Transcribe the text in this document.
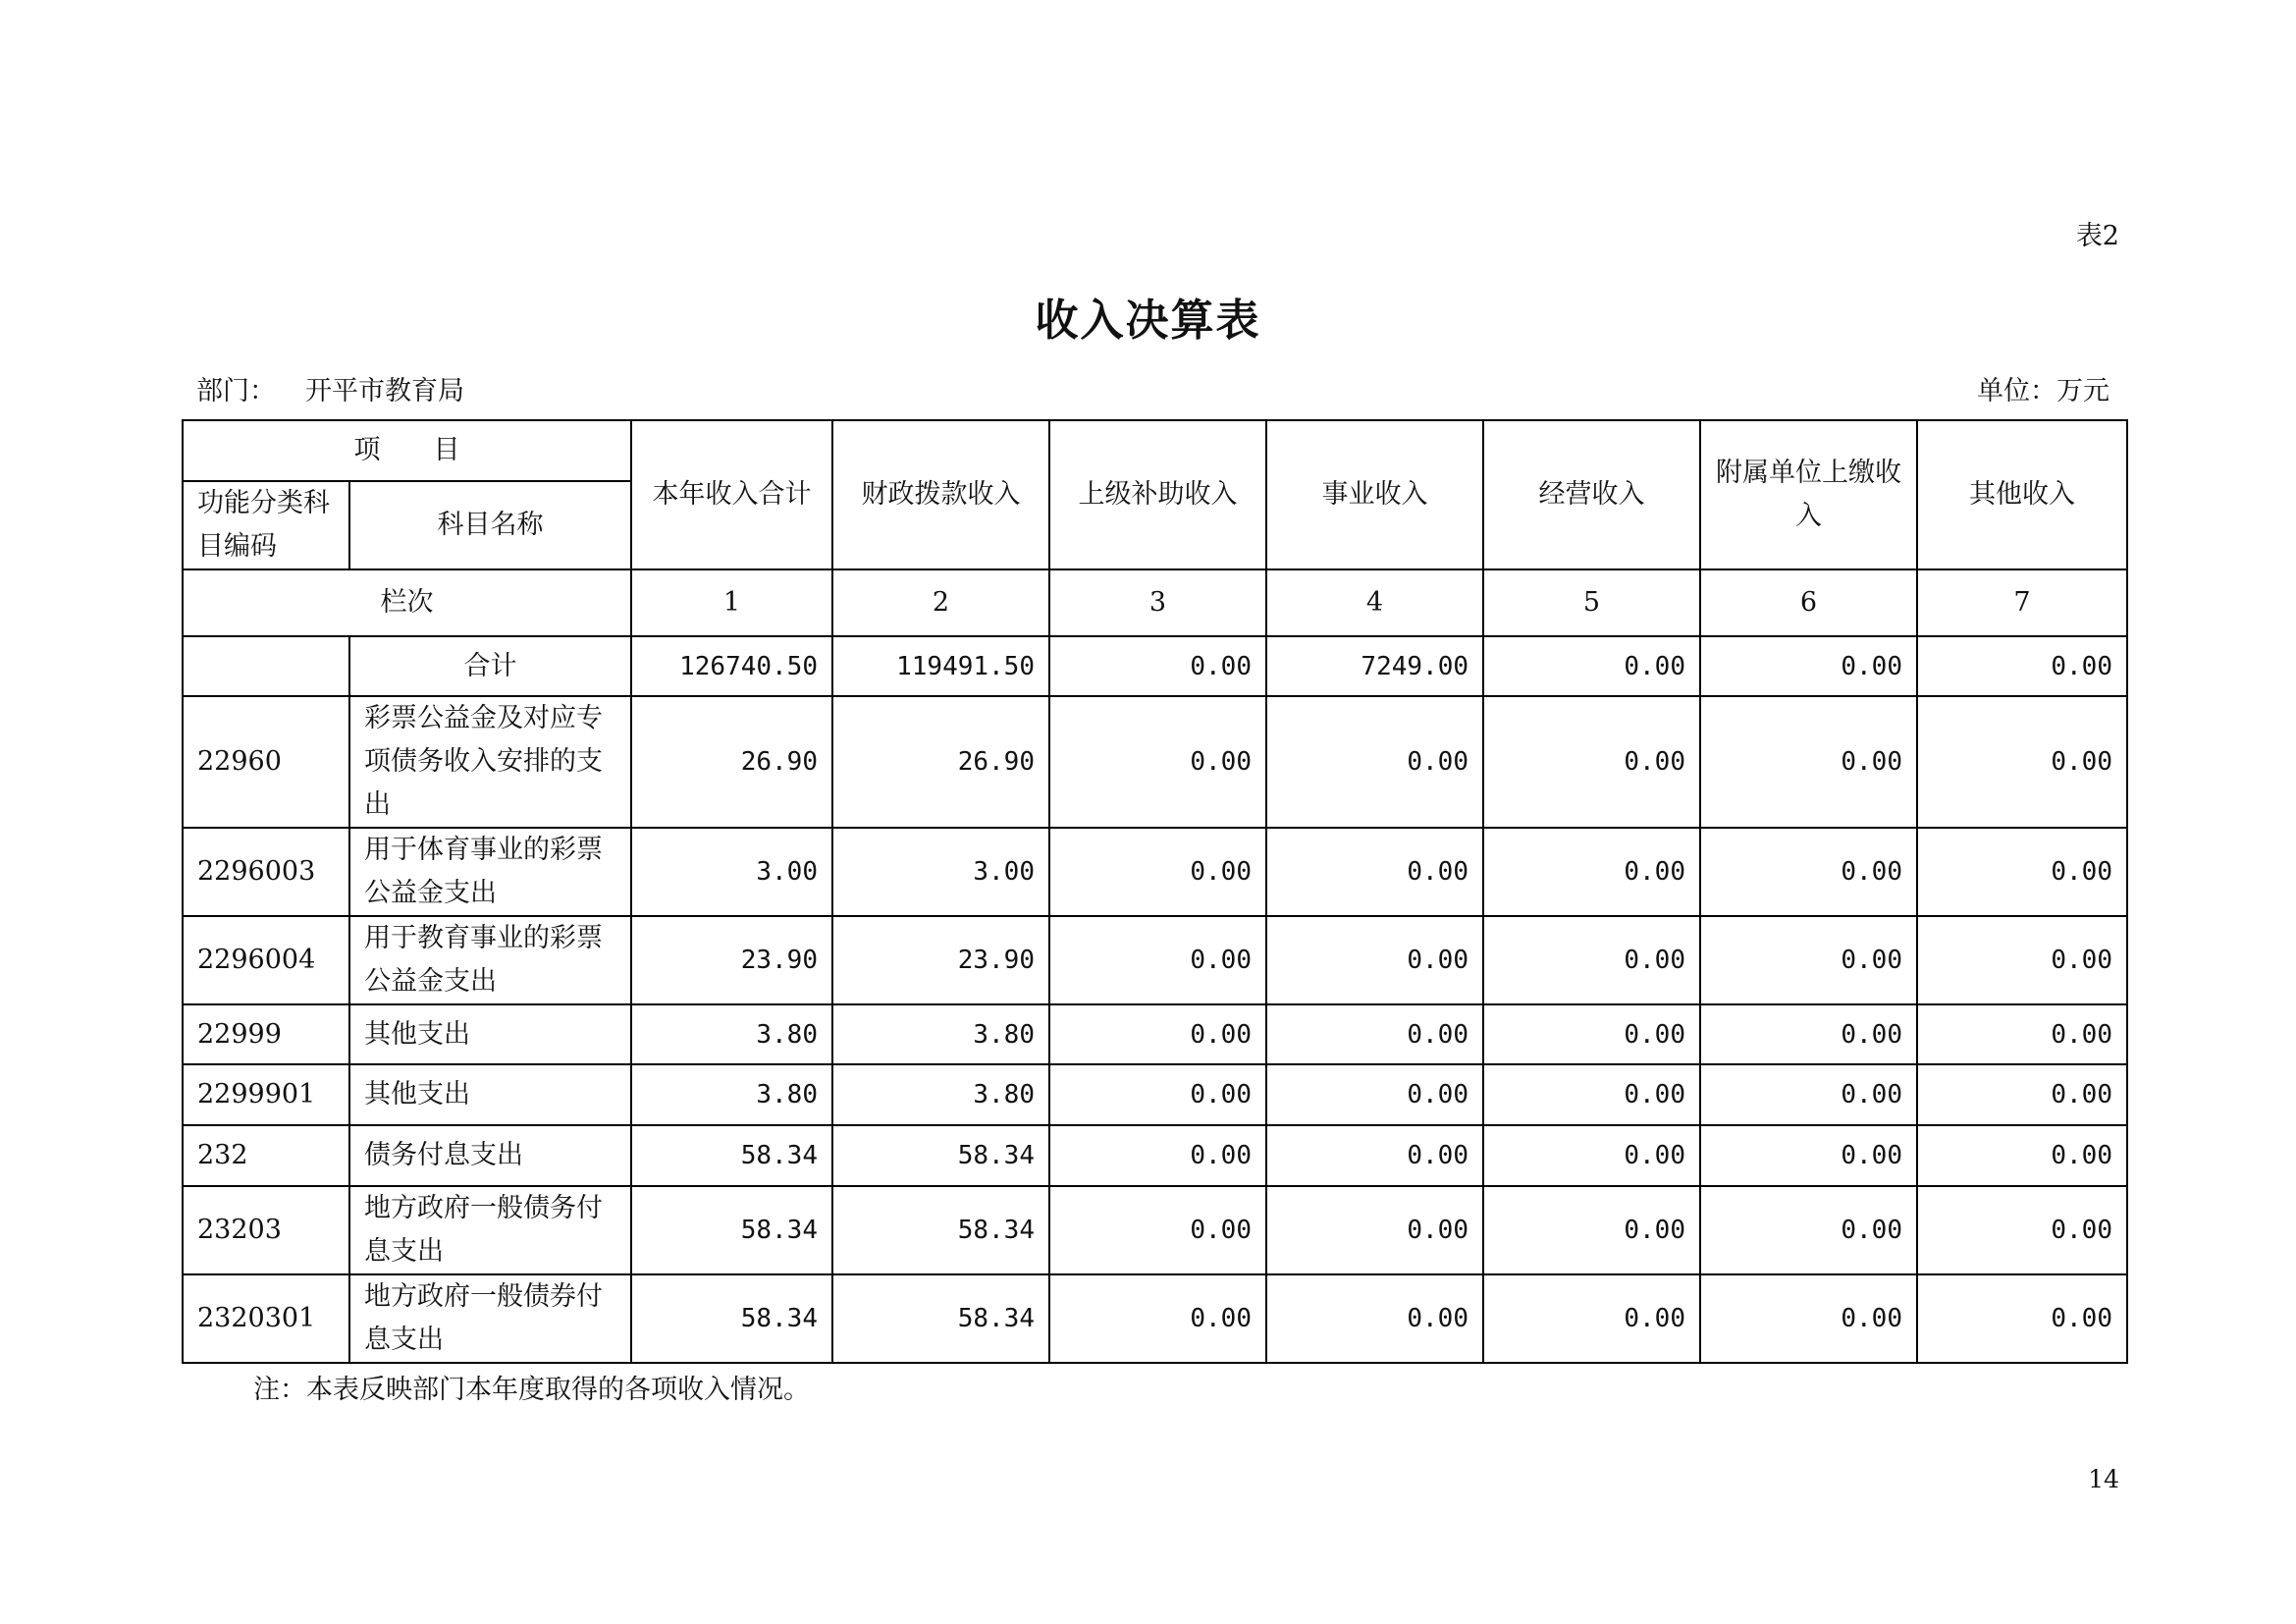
表2
收入决算表
部门： 开平市教育局	单位：万元
项　　目		本年收入合计	财政拨款收入	上级补助收入	事业收入	经营收入	附属单位上缴收入	其他收入
功能分类科目编码	科目名称							
栏次		1	2	3	4	5	6	7
	合计	126740.50	119491.50	0.00	7249.00	0.00	0.00	0.00
22960	彩票公益金及对应专项债务收入安排的支出	26.90	26.90	0.00	0.00	0.00	0.00	0.00
2296003	用于体育事业的彩票公益金支出	3.00	3.00	0.00	0.00	0.00	0.00	0.00
2296004	用于教育事业的彩票公益金支出	23.90	23.90	0.00	0.00	0.00	0.00	0.00
22999	其他支出	3.80	3.80	0.00	0.00	0.00	0.00	0.00
2299901	其他支出	3.80	3.80	0.00	0.00	0.00	0.00	0.00
232	债务付息支出	58.34	58.34	0.00	0.00	0.00	0.00	0.00
23203	地方政府一般债务付息支出	58.34	58.34	0.00	0.00	0.00	0.00	0.00
2320301	地方政府一般债券付息支出	58.34	58.34	0.00	0.00	0.00	0.00	0.00
注：本表反映部门本年度取得的各项收入情况。
14
